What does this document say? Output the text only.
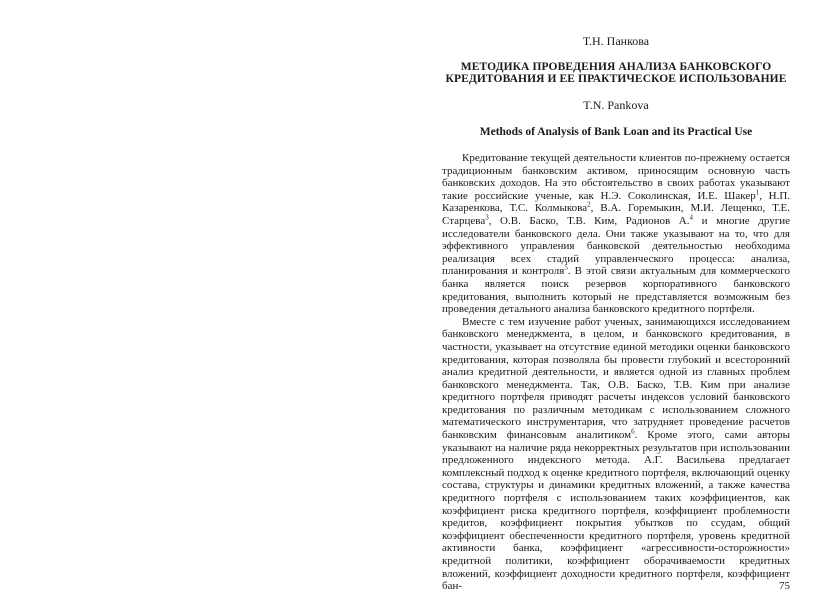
Т.Н. Панкова
МЕТОДИКА ПРОВЕДЕНИЯ АНАЛИЗА БАНКОВСКОГО КРЕДИТОВАНИЯ И ЕЕ ПРАКТИЧЕСКОЕ ИСПОЛЬЗОВАНИЕ
T.N. Pankova
Methods of Analysis of Bank Loan and its Practical Use

Кредитование текущей деятельности клиентов по-прежнему остается традиционным банковским активом, приносящим основную часть банковских доходов. На это обстоятельство в своих работах указывают такие российские ученые, как Н.Э. Соколинская, И.Е. Шакер$^1$, Н.П. Казаренкова, Т.С. Колмыкова$^2$, В.А. Горемыкин, М.И. Лещенко, Т.Е. Старцева$^3$, О.В. Баско, Т.В. Ким, Радионов А.$^4$ и многие другие исследователи банковского дела. Они также указывают на то, что для эффективного управления банковской деятельностью необходима реализация всех стадий управленческого процесса: анализа, планирования и контроля$^5$. В этой связи актуальным для коммерческого банка является поиск резервов корпоративного банковского кредитования, выполнить который не представляется возможным без проведения детального анализа банковского кредитного портфеля.

Вместе с тем изучение работ ученых, занимающихся исследованием банковского менеджмента, в целом, и банковского кредитования, в частности, указывает на отсутствие единой методики оценки банковского кредитования, которая позволяла бы провести глубокий и всесторонний анализ кредитной деятельности, и является одной из главных проблем банковского менеджмента. Так, О.В. Баско, Т.В. Ким при анализе кредитного портфеля приводят расчеты индексов условий банковского кредитования по различным методикам с использованием сложного математического инструментария, что затрудняет проведение расчетов банковским финансовым аналитиком$^6$. Кроме этого, сами авторы указывают на наличие ряда некорректных результатов при использовании предложенного индексного метода. А.Г. Васильева предлагает комплексный подход к оценке кредитного портфеля, включающий оценку состава, структуры и динамики кредитных вложений, а также качества кредитного портфеля с использованием таких коэффициентов, как коэффициент риска кредитного портфеля, коэффициент проблемности кредитов, коэффициент покрытия убытков по ссудам, общий коэффициент обеспеченности кредитного портфеля, уровень кредитной активности банка, коэффициент «агрессивности-осторожности» кредитной политики, коэффициент оборачиваемости кредитных вложений, коэффициент доходности кредитного портфеля, коэффициент бан-	75
